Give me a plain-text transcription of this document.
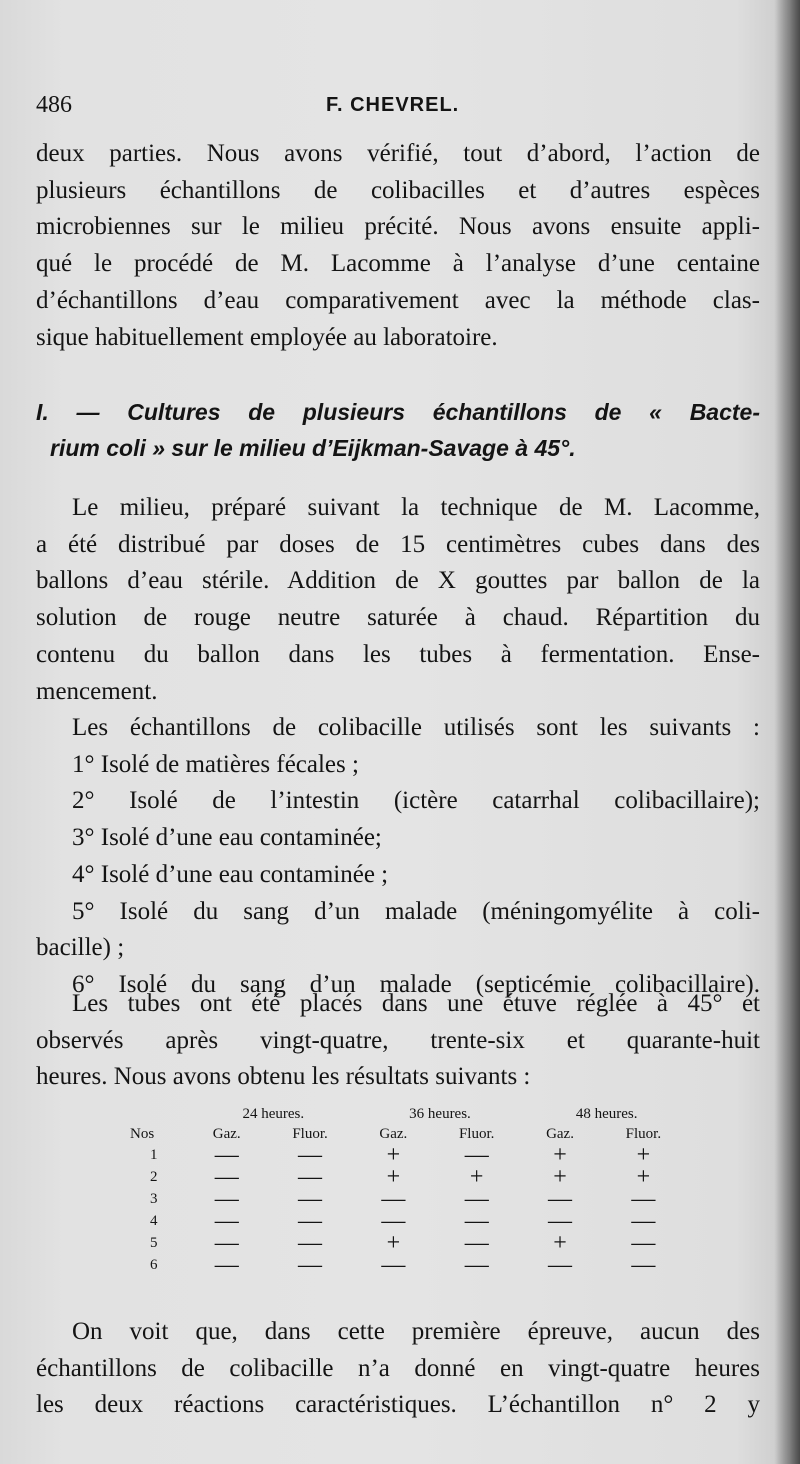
486	F. CHEVREL.
deux parties. Nous avons vérifié, tout d’abord, l’action de
plusieurs échantillons de colibacilles et d’autres espèces
microbiennes sur le milieu précité. Nous avons ensuite appli-
qué le procédé de M. Lacomme à l’analyse d’une centaine
d’échantillons d’eau comparativement avec la méthode clas-
sique habituellement employée au laboratoire.
I. — Cultures de plusieurs échantillons de « Bacte-
rium coli » sur le milieu d’Eijkman-Savage à 45°.
Le milieu, préparé suivant la technique de M. Lacomme,
a été distribué par doses de 15 centimètres cubes dans des
ballons d’eau stérile. Addition de X gouttes par ballon de la
solution de rouge neutre saturée à chaud. Répartition du
contenu du ballon dans les tubes à fermentation. Ense-
mencement.
Les échantillons de colibacille utilisés sont les suivants :
1° Isolé de matières fécales ;
2° Isolé de l’intestin (ictère catarrhal colibacillaire);
3° Isolé d’une eau contaminée;
4° Isolé d’une eau contaminée ;
5° Isolé du sang d’un malade (méningomyélite à coli-
bacille) ;
6° Isolé du sang d’un malade (septicémie colibacillaire).
Les tubes ont été placés dans une étuve réglée à 45° et
observés après vingt-quatre, trente-six et quarante-huit
heures. Nous avons obtenu les résultats suivants :
	24 heures.		36 heures.		48 heures.	
Nos	Gaz.	Fluor.	Gaz.	Fluor.	Gaz.	Fluor.
1	—	—	+	—	+	+
2	—	—	+	+	+	+
3	—	—	—	—	—	—
4	—	—	—	—	—	—
5	—	—	+	—	+	—
6	—	—	—	—	—	—
On voit que, dans cette première épreuve, aucun des
échantillons de colibacille n’a donné en vingt-quatre heures
les deux réactions caractéristiques. L’échantillon n° 2 y
